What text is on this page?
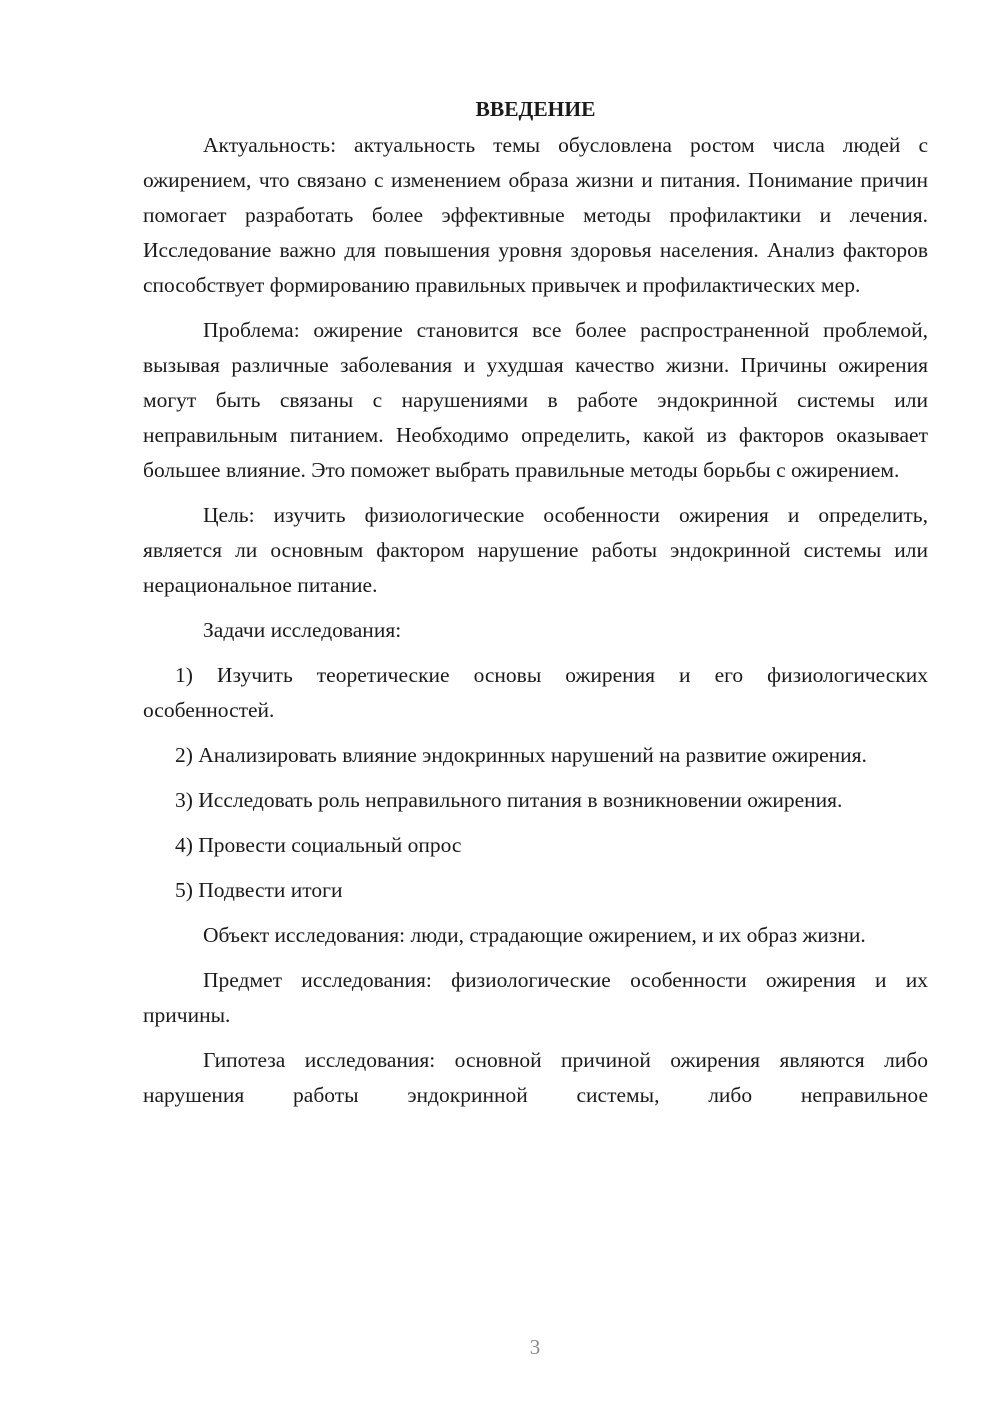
ВВЕДЕНИЕ

Актуальность: актуальность темы обусловлена ростом числа людей с ожирением, что связано с изменением образа жизни и питания. Понимание причин помогает разработать более эффективные методы профилактики и лечения. Исследование важно для повышения уровня здоровья населения. Анализ факторов способствует формированию правильных привычек и профилактических мер.

Проблема: ожирение становится все более распространенной проблемой, вызывая различные заболевания и ухудшая качество жизни. Причины ожирения могут быть связаны с нарушениями в работе эндокринной системы или неправильным питанием. Необходимо определить, какой из факторов оказывает большее влияние. Это поможет выбрать правильные методы борьбы с ожирением.

Цель: изучить физиологические особенности ожирения и определить, является ли основным фактором нарушение работы эндокринной системы или нерациональное питание.

Задачи исследования:

1) Изучить теоретические основы ожирения и его физиологических особенностей.

2) Анализировать влияние эндокринных нарушений на развитие ожирения.

3) Исследовать роль неправильного питания в возникновении ожирения.

4) Провести социальный опрос

5) Подвести итоги

Объект исследования: люди, страдающие ожирением, и их образ жизни.

Предмет исследования: физиологические особенности ожирения и их причины.

Гипотеза исследования: основной причиной ожирения являются либо нарушения работы эндокринной системы, либо неправильное

3
